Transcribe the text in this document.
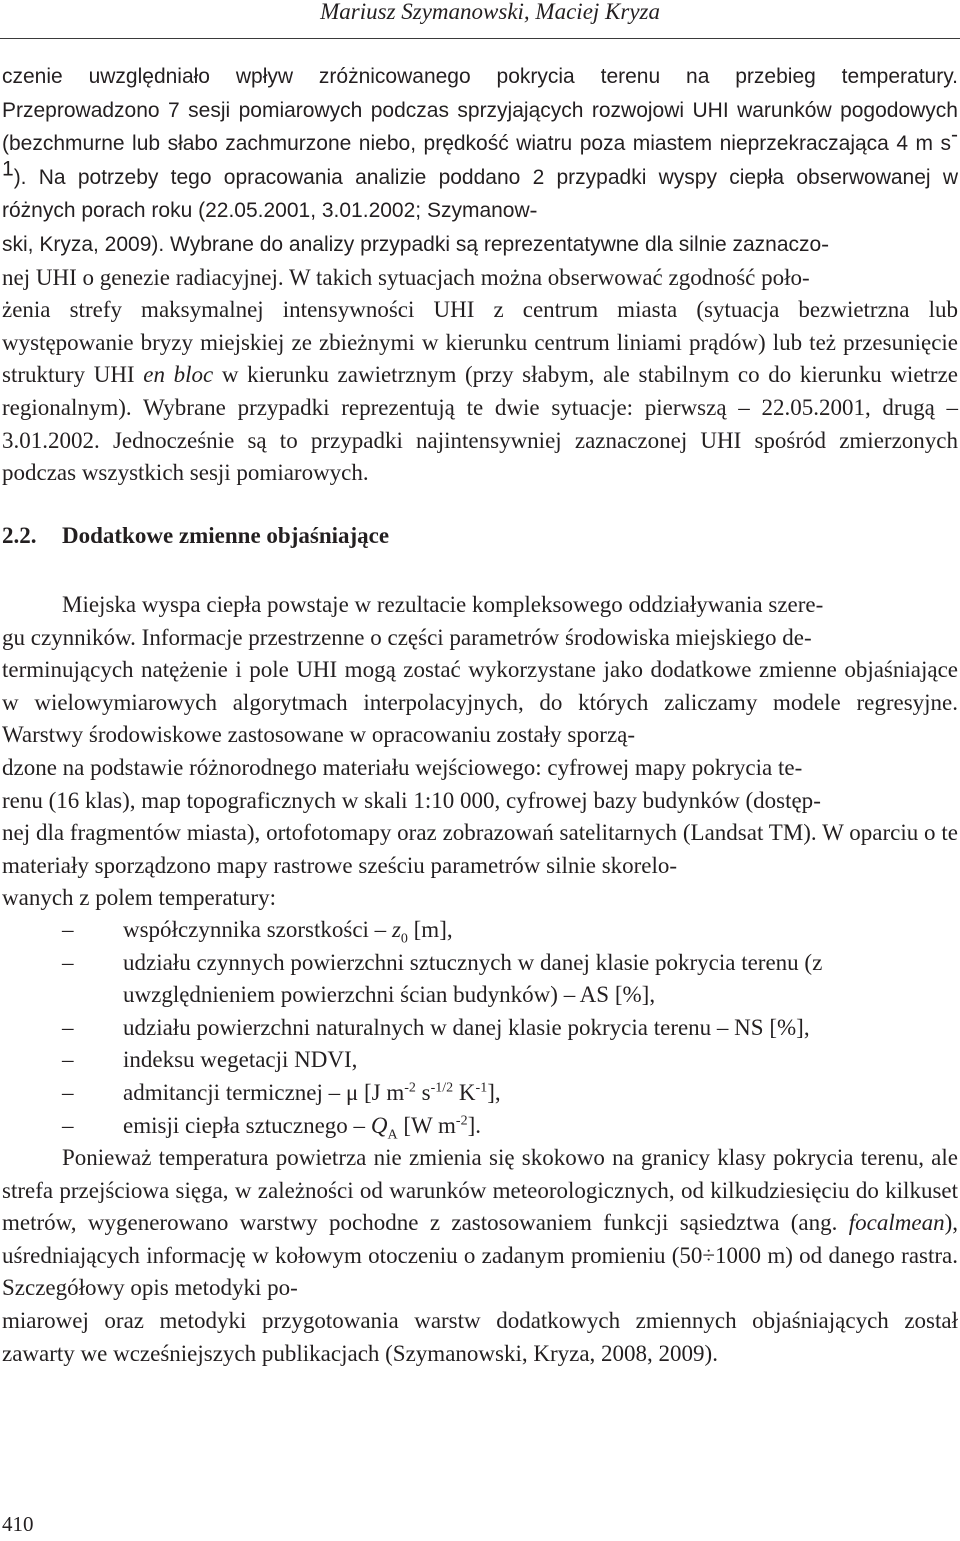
Mariusz Szymanowski, Maciej Kryza
czenie uwzględniało wpływ zróżnicowanego pokrycia terenu na przebieg temperatury. Przeprowadzono 7 sesji pomiarowych podczas sprzyjających rozwojowi UHI warunków pogodowych (bezchmurne lub słabo zachmurzone niebo, prędkość wiatru poza miastem nieprzekraczająca 4 m $s^{-1}$). Na potrzeby tego opracowania analizie poddano 2 przypadki wyspy ciepła obserwowanej w różnych porach roku (22.05.2001, 3.01.2002; Szymanow-
ski, Kryza, 2009). Wybrane do analizy przypadki są reprezentatywne dla silnie zaznaczo-
nej UHI o genezie radiacyjnej. W takich sytuacjach można obserwować zgodność poło-
żenia strefy maksymalnej intensywności UHI z centrum miasta (sytuacja bezwietrzna lub występowanie bryzy miejskiej ze zbieżnymi w kierunku centrum liniami prądów) lub też przesunięcie struktury UHI en bloc w kierunku zawietrznym (przy słabym, ale stabilnym co do kierunku wietrze regionalnym). Wybrane przypadki reprezentują te dwie sytuacje: pierwszą – 22.05.2001, drugą – 3.01.2002. Jednocześnie są to przypadki najintensywniej zaznaczonej UHI spośród zmierzonych podczas wszystkich sesji pomiarowych.
2.2. Dodatkowe zmienne objaśniające
Miejska wyspa ciepła powstaje w rezultacie kompleksowego oddziaływania szere-
gu czynników. Informacje przestrzenne o części parametrów środowiska miejskiego de-
terminujących natężenie i pole UHI mogą zostać wykorzystane jako dodatkowe zmienne objaśniające w wielowymiarowych algorytmach interpolacyjnych, do których zaliczamy modele regresyjne. Warstwy środowiskowe zastosowane w opracowaniu zostały sporzą-
dzone na podstawie różnorodnego materiału wejściowego: cyfrowej mapy pokrycia te-
renu (16 klas), map topograficznych w skali 1:10 000, cyfrowej bazy budynków (dostęp-
nej dla fragmentów miasta), ortofotomapy oraz zobrazowań satelitarnych (Landsat TM). W oparciu o te materiały sporządzono mapy rastrowe sześciu parametrów silnie skorelo-
wanych z polem temperatury:
– współczynnika szorstkości – $z_0$ [m],
– udziału czynnych powierzchni sztucznych w danej klasie pokrycia terenu (z uwzględnieniem powierzchni ścian budynków) – AS [%],
– udziału powierzchni naturalnych w danej klasie pokrycia terenu – NS [%],
– indeksu wegetacji NDVI,
– admitancji termicznej – μ [J $m^{-2}$ $s^{-1/2}$ $K^{-1}$],
– emisji ciepła sztucznego – $Q_A$ [W $m^{-2}$].
Ponieważ temperatura powietrza nie zmienia się skokowo na granicy klasy pokrycia terenu, ale strefa przejściowa sięga, w zależności od warunków meteorologicznych, od kilkudziesięciu do kilkuset metrów, wygenerowano warstwy pochodne z zastosowaniem funkcji sąsiedztwa (ang. focalmean), uśredniających informację w kołowym otoczeniu o zadanym promieniu (50÷1000 m) od danego rastra. Szczegółowy opis metodyki po-
miarowej oraz metodyki przygotowania warstw dodatkowych zmiennych objaśniających został zawarty we wcześniejszych publikacjach (Szymanowski, Kryza, 2008, 2009).
410
